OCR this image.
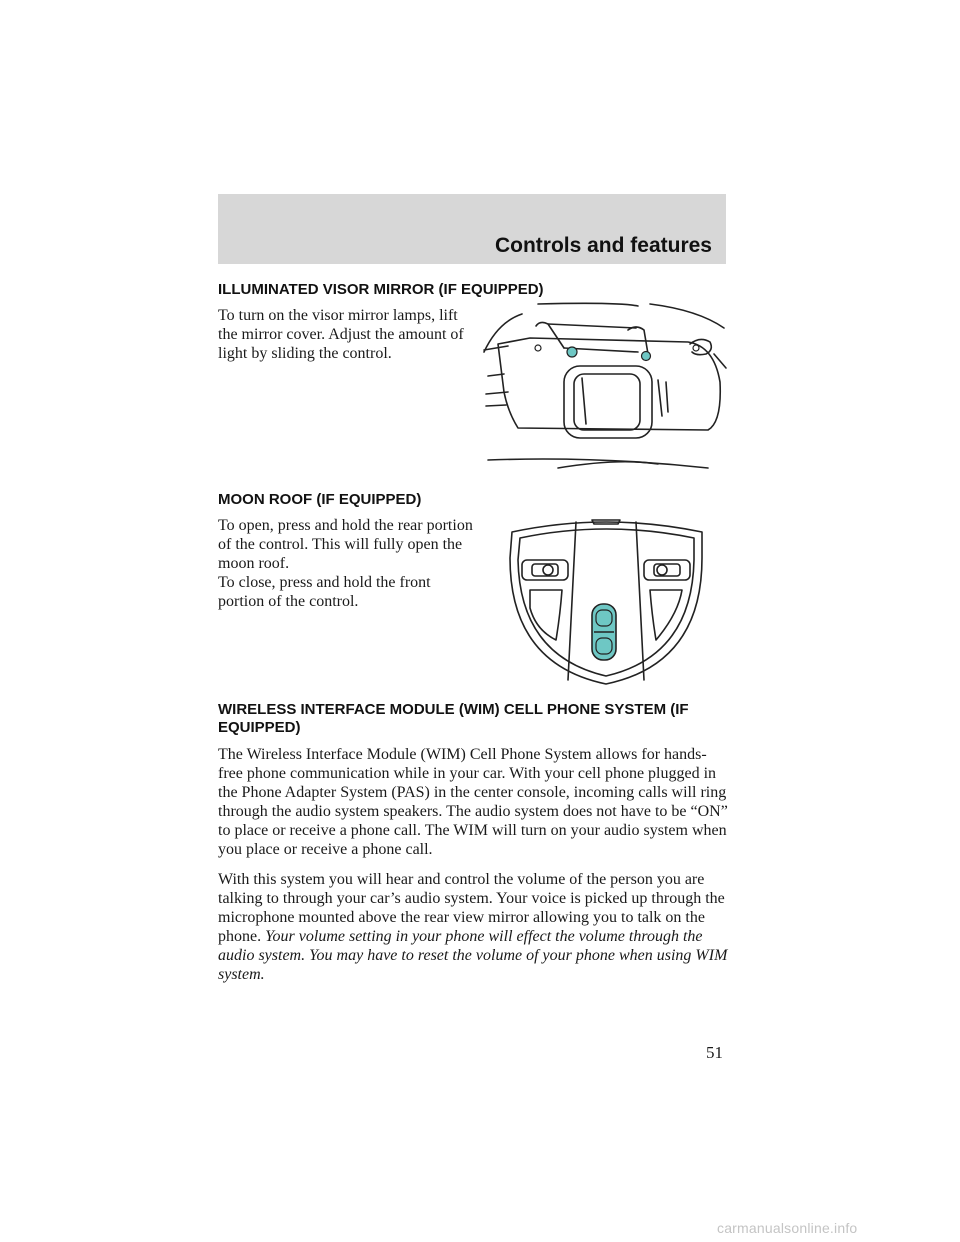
Controls and features
ILLUMINATED VISOR MIRROR (IF EQUIPPED)

To turn on the visor mirror lamps, lift the mirror cover. Adjust the amount of light by sliding the control.

MOON ROOF (IF EQUIPPED)

To open, press and hold the rear portion of the control. This will fully open the moon roof.

To close, press and hold the front portion of the control.

WIRELESS INTERFACE MODULE (WIM) CELL PHONE SYSTEM (IF EQUIPPED)

The Wireless Interface Module (WIM) Cell Phone System allows for hands-free phone communication while in your car. With your cell phone plugged in the Phone Adapter System (PAS) in the center console, incoming calls will ring through the audio system speakers. The audio system does not have to be “ON” to place or receive a phone call. The WIM will turn on your audio system when you place or receive a phone call.

With this system you will hear and control the volume of the person you are talking to through your car’s audio system. Your voice is picked up through the microphone mounted above the rear view mirror allowing you to talk on the phone. Your volume setting in your phone will effect the volume through the audio system. You may have to reset the volume of your phone when using WIM system.

51
carmanualsonline.info
